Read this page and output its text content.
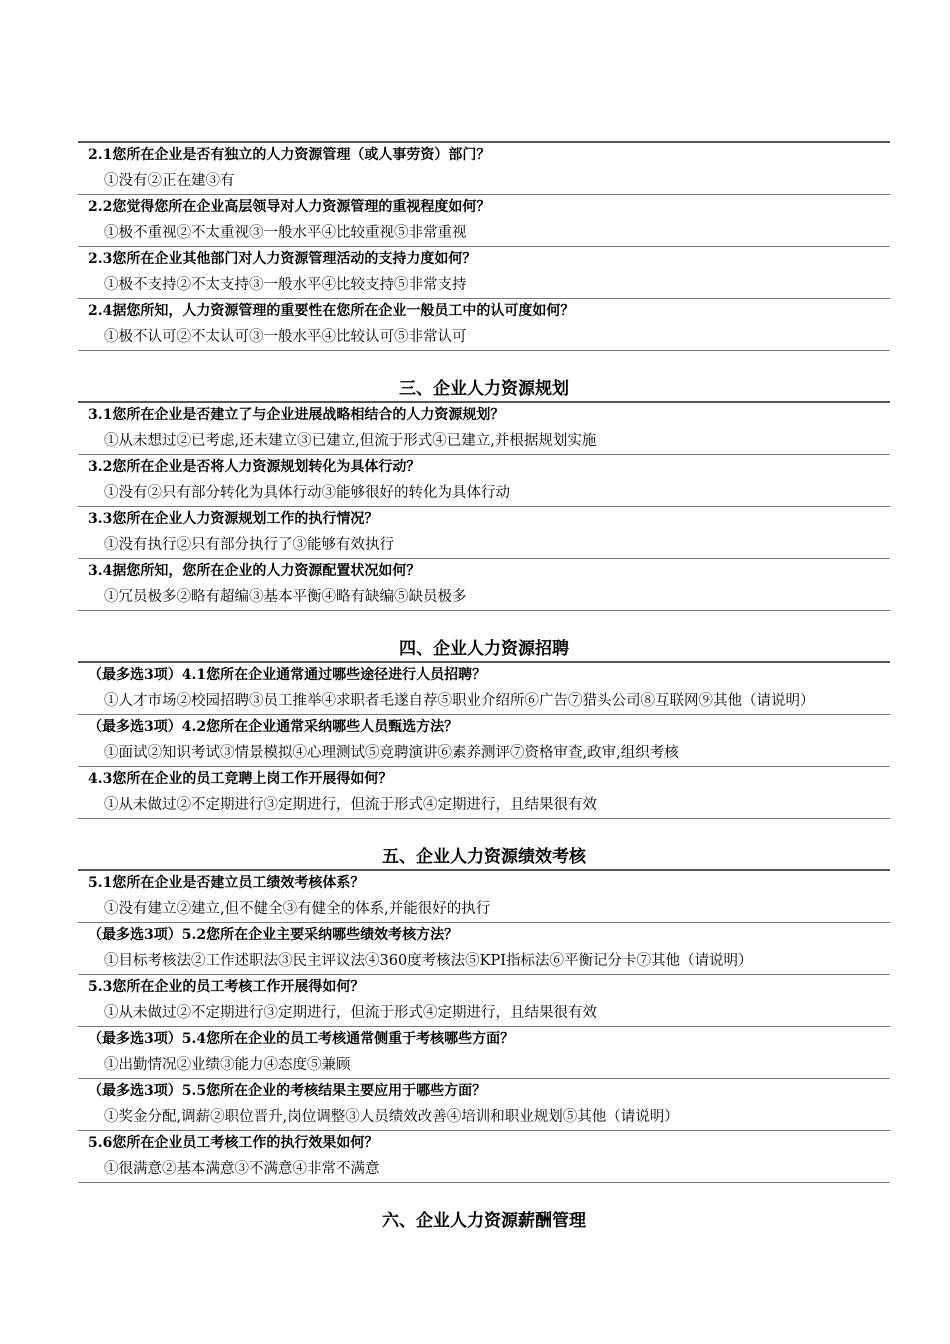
2.1您所在企业是否有独立的人力资源管理（或人事劳资）部门？
①没有②正在建③有
2.2您觉得您所在企业高层领导对人力资源管理的重视程度如何？
①极不重视②不太重视③一般水平④比较重视⑤非常重视
2.3您所在企业其他部门对人力资源管理活动的支持力度如何？
①极不支持②不太支持③一般水平④比较支持⑤非常支持
2.4据您所知，人力资源管理的重要性在您所在企业一般员工中的认可度如何？
①极不认可②不太认可③一般水平④比较认可⑤非常认可
三、企业人力资源规划
3.1您所在企业是否建立了与企业进展战略相结合的人力资源规划？
①从未想过②已考虑,还未建立③已建立,但流于形式④已建立,并根据规划实施
3.2您所在企业是否将人力资源规划转化为具体行动？
①没有②只有部分转化为具体行动③能够很好的转化为具体行动
3.3您所在企业人力资源规划工作的执行情况？
①没有执行②只有部分执行了③能够有效执行
3.4据您所知，您所在企业的人力资源配置状况如何？
①冗员极多②略有超编③基本平衡④略有缺编⑤缺员极多
四、企业人力资源招聘
（最多选3项）4.1您所在企业通常通过哪些途径进行人员招聘？
①人才市场②校园招聘③员工推举④求职者毛遂自荐⑤职业介绍所⑥广告⑦猎头公司⑧互联网⑨其他（请说明）
（最多选3项）4.2您所在企业通常采纳哪些人员甄选方法？
①面试②知识考试③情景模拟④心理测试⑤竞聘演讲⑥素养测评⑦资格审查,政审,组织考核
4.3您所在企业的员工竞聘上岗工作开展得如何？
①从未做过②不定期进行③定期进行，但流于形式④定期进行，且结果很有效
五、企业人力资源绩效考核
5.1您所在企业是否建立员工绩效考核体系？
①没有建立②建立,但不健全③有健全的体系,并能很好的执行
（最多选3项）5.2您所在企业主要采纳哪些绩效考核方法？
①目标考核法②工作述职法③民主评议法④360度考核法⑤KPI指标法⑥平衡记分卡⑦其他（请说明）
5.3您所在企业的员工考核工作开展得如何？
①从未做过②不定期进行③定期进行，但流于形式④定期进行，且结果很有效
（最多选3项）5.4您所在企业的员工考核通常侧重于考核哪些方面？
①出勤情况②业绩③能力④态度⑤兼顾
（最多选3项）5.5您所在企业的考核结果主要应用于哪些方面？
①奖金分配,调薪②职位晋升,岗位调整③人员绩效改善④培训和职业规划⑤其他（请说明）
5.6您所在企业员工考核工作的执行效果如何？
①很满意②基本满意③不满意④非常不满意
六、企业人力资源薪酬管理
